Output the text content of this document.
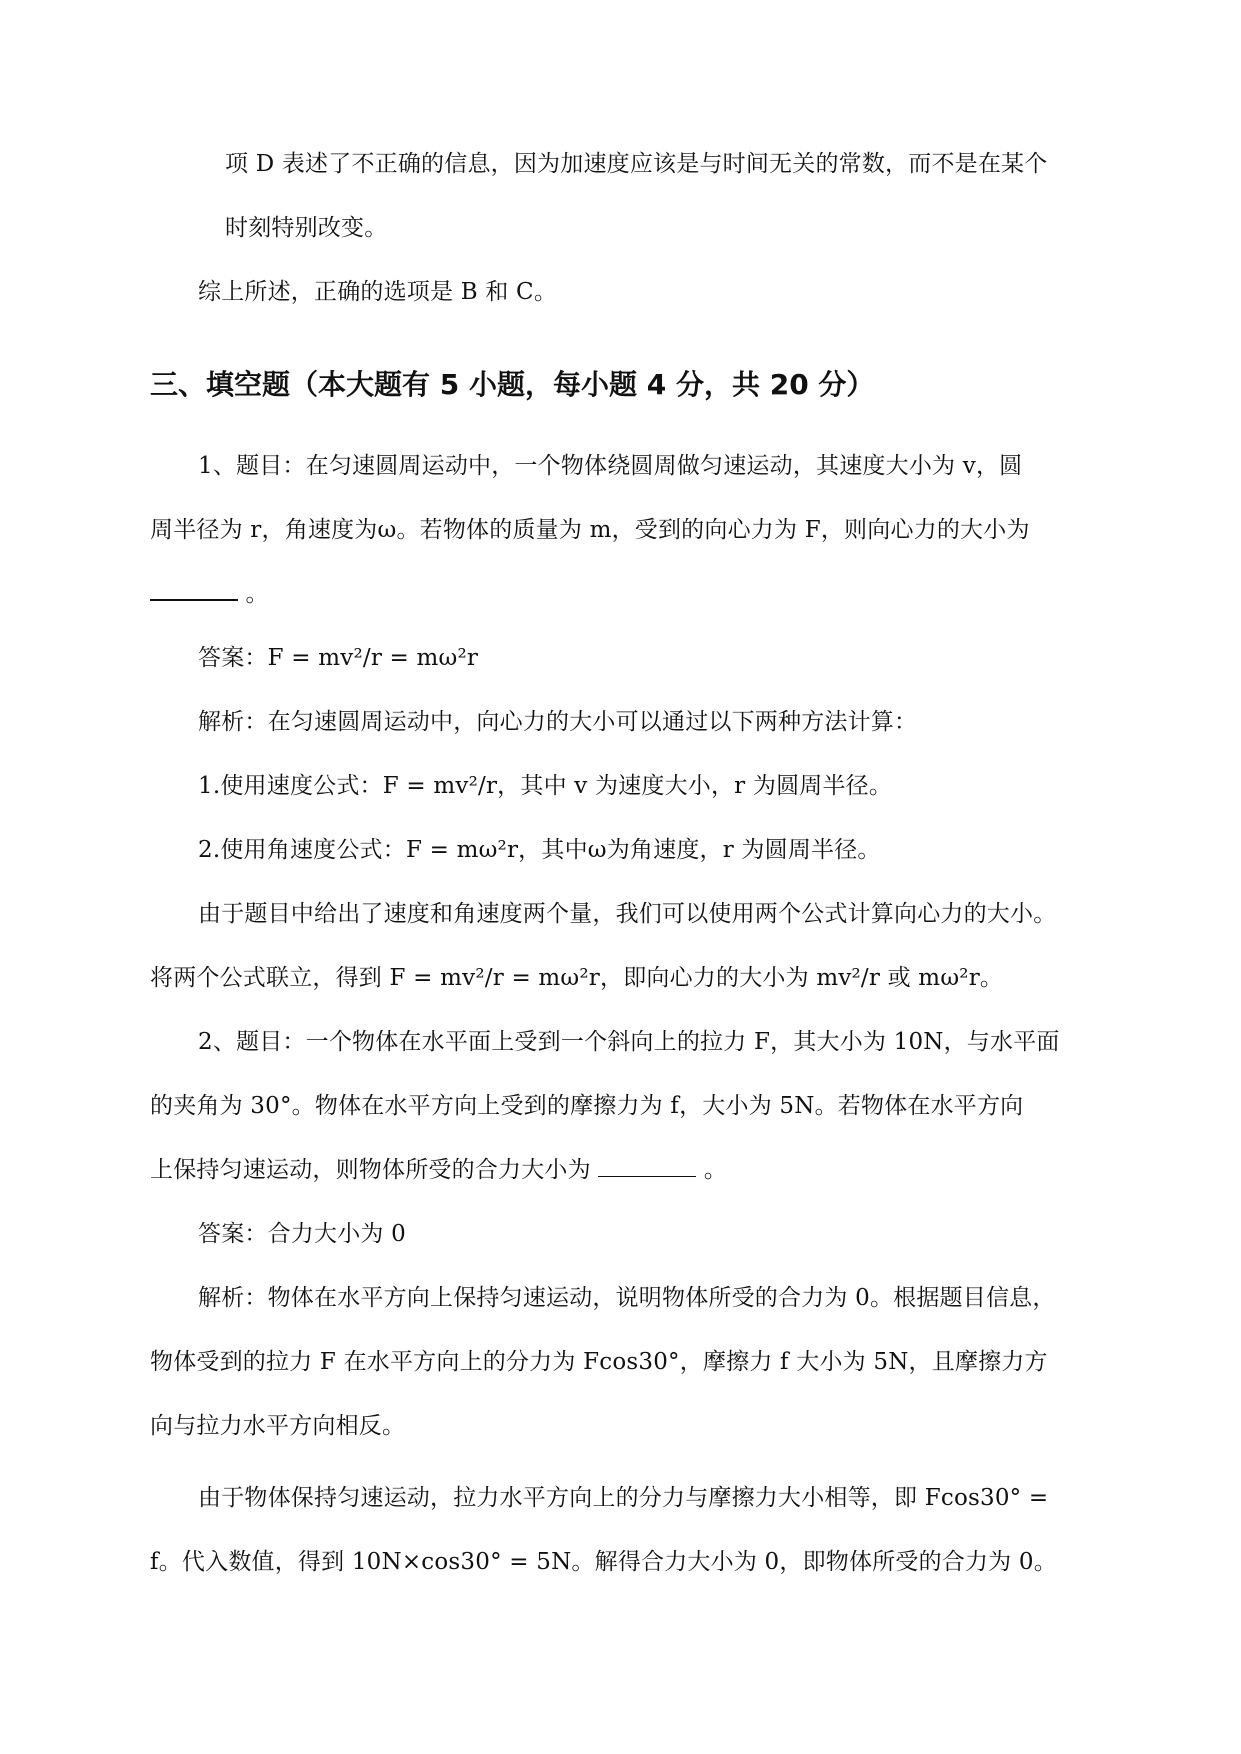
项 D 表述了不正确的信息，因为加速度应该是与时间无关的常数，而不是在某个
时刻特别改变。
综上所述，正确的选项是 B 和 C。
三、填空题（本大题有 5 小题，每小题 4 分，共 20 分）
1、题目：在匀速圆周运动中，一个物体绕圆周做匀速运动，其速度大小为 v，圆
周半径为 r，角速度为ω。若物体的质量为 m，受到的向心力为 F，则向心力的大小为
。
答案：F = mv²/r = mω²r
解析：在匀速圆周运动中，向心力的大小可以通过以下两种方法计算：
1.使用速度公式：F = mv²/r，其中 v 为速度大小，r 为圆周半径。
2.使用角速度公式：F = mω²r，其中ω为角速度，r 为圆周半径。
由于题目中给出了速度和角速度两个量，我们可以使用两个公式计算向心力的大小。
将两个公式联立，得到 F = mv²/r = mω²r，即向心力的大小为 mv²/r 或 mω²r。
2、题目：一个物体在水平面上受到一个斜向上的拉力 F，其大小为 10N，与水平面
的夹角为 30°。物体在水平方向上受到的摩擦力为 f，大小为 5N。若物体在水平方向
上保持匀速运动，则物体所受的合力大小为	。
答案：合力大小为 0
解析：物体在水平方向上保持匀速运动，说明物体所受的合力为 0。根据题目信息，
物体受到的拉力 F 在水平方向上的分力为 Fcos30°，摩擦力 f 大小为 5N，且摩擦力方
向与拉力水平方向相反。
由于物体保持匀速运动，拉力水平方向上的分力与摩擦力大小相等，即 Fcos30° =
f。代入数值，得到 10N×cos30° = 5N。解得合力大小为 0，即物体所受的合力为 0。
